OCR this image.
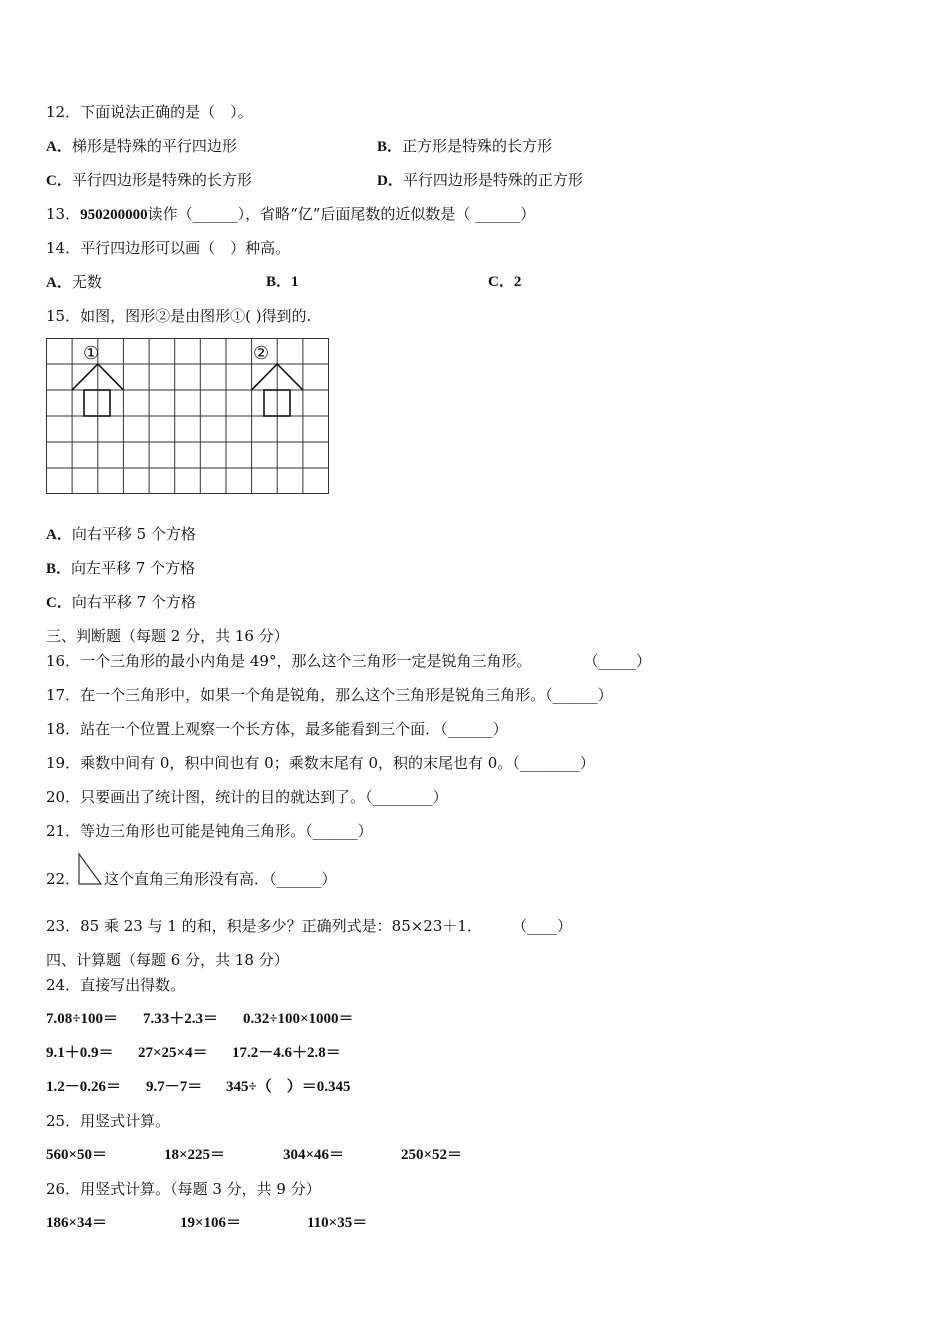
12．下面说法正确的是（　）。
A．梯形是特殊的平行四边形	B．正方形是特殊的长方形
C．平行四边形是特殊的长方形	D．平行四边形是特殊的正方形
13．950200000读作（______），省略“亿”后面尾数的近似数是（ ______）
14．平行四边形可以画（　）种高。
A．无数	B．1	C．2
15．如图，图形②是由图形①( )得到的.
①	②
A．向右平移 5 个方格
B．向左平移 7 个方格
C．向右平移 7 个方格
三、判断题（每题 2 分，共 16 分）
16．一个三角形的最小内角是 49°，那么这个三角形一定是锐角三角形。	（_____）
17．在一个三角形中，如果一个角是锐角，那么这个三角形是锐角三角形。（______）
18．站在一个位置上观察一个长方体，最多能看到三个面．（______）
19．乘数中间有 0，积中间也有 0；乘数末尾有 0，积的末尾也有 0。（________）
20．只要画出了统计图，统计的目的就达到了。（________）
21．等边三角形也可能是钝角三角形。（______）
22． 这个直角三角形没有高．（______）
23．85 乘 23 与 1 的和，积是多少？正确列式是：85×23＋1． （____）
四、计算题（每题 6 分，共 18 分）
24．直接写出得数。
7.08÷100＝ 7.33＋2.3＝ 0.32÷100×1000＝
9.1＋0.9＝ 27×25×4＝ 17.2－4.6＋2.8＝
1.2－0.26＝ 9.7－7＝ 345÷（　）＝0.345
25．用竖式计算。
560×50＝	18×225＝	304×46＝	250×52＝
26．用竖式计算。（每题 3 分，共 9 分）
186×34＝	19×106＝	110×35＝
